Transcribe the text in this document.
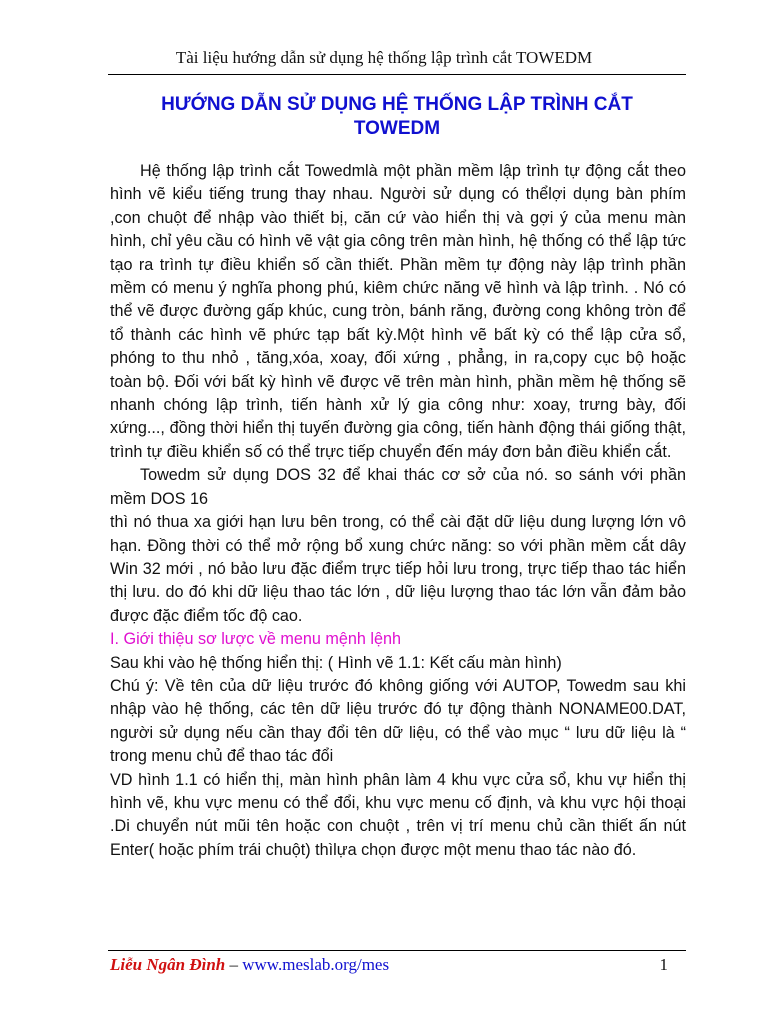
Tài liệu hướng dẫn sử dụng hệ thống lập trình cắt TOWEDM
HƯỚNG DẪN SỬ DỤNG HỆ THỐNG LẬP TRÌNH CẮT
TOWEDM

Hệ thống lập trình cắt Towedmlà một phần mềm lập trình tự động cắt theo hình vẽ kiểu tiếng trung thay nhau. Người sử dụng có thểlợi dụng bàn phím ,con chuột để nhập vào thiết bị, căn cứ vào hiển thị và gợi ý của menu màn hình, chỉ yêu cầu có hình vẽ vật gia công trên màn hình, hệ thống có thể lập tức tạo ra trình tự điều khiển số cần thiết. Phần mềm tự động này lập trình phần mềm có menu ý nghĩa phong phú, kiêm chức năng vẽ hình và lập trình. . Nó có thể vẽ được đường gấp khúc, cung tròn, bánh răng, đường cong không tròn để tổ thành các hình vẽ phức tạp bất kỳ.Một hình vẽ bất kỳ có thể lập cửa sổ, phóng to thu nhỏ , tăng,xóa, xoay, đối xứng , phẳng, in ra,copy cục bộ hoặc toàn bộ. Đối với bất kỳ hình vẽ được vẽ trên màn hình, phần mềm hệ thống sẽ nhanh chóng lập trình, tiến hành xử lý gia công như: xoay, trưng bày, đối xứng..., đồng thời hiển thị tuyến đường gia công, tiến hành động thái giống thật, trình tự điều khiển số có thể trực tiếp chuyển đến máy đơn bản điều khiển cắt.

Towedm sử dụng DOS 32 để khai thác cơ sở của nó. so sánh với phần mềm DOS 16

thì nó thua xa giới hạn lưu bên trong, có thể cài đặt dữ liệu dung lượng lớn vô hạn. Đồng thời có thể mở rộng bổ xung chức năng: so với phần mềm cắt dây Win 32 mới , nó bảo lưu đặc điểm trực tiếp hỏi lưu trong, trực tiếp thao tác hiển thị lưu. do đó khi dữ liệu thao tác lớn , dữ liệu lượng thao tác lớn vẫn đảm bảo được đặc điểm tốc độ cao.

I. Giới thiệu sơ lược về menu mệnh lệnh

Sau khi vào hệ thống hiển thị: ( Hình vẽ 1.1: Kết cấu màn hình)

Chú ý: Về tên của dữ liệu trước đó không giống với AUTOP, Towedm sau khi nhập vào hệ thống, các tên dữ liệu trước đó tự động thành NONAME00.DAT, người sử dụng nếu cần thay đổi tên dữ liệu, có thể vào mục “ lưu dữ liệu là “ trong menu chủ để thao tác đổi

VD hình 1.1 có hiển thị, màn hình phân làm 4 khu vực cửa sổ, khu vự hiển thị hình vẽ, khu vực menu có thể đổi, khu vực menu cố định, và khu vực hội thoại .Di chuyển nút mũi tên hoặc con chuột , trên vị trí menu chủ cần thiết ấn nút Enter( hoặc phím trái chuột) thìlựa chọn được một menu thao tác nào đó.

Liễu Ngân Đình – www.meslab.org/mes	1
